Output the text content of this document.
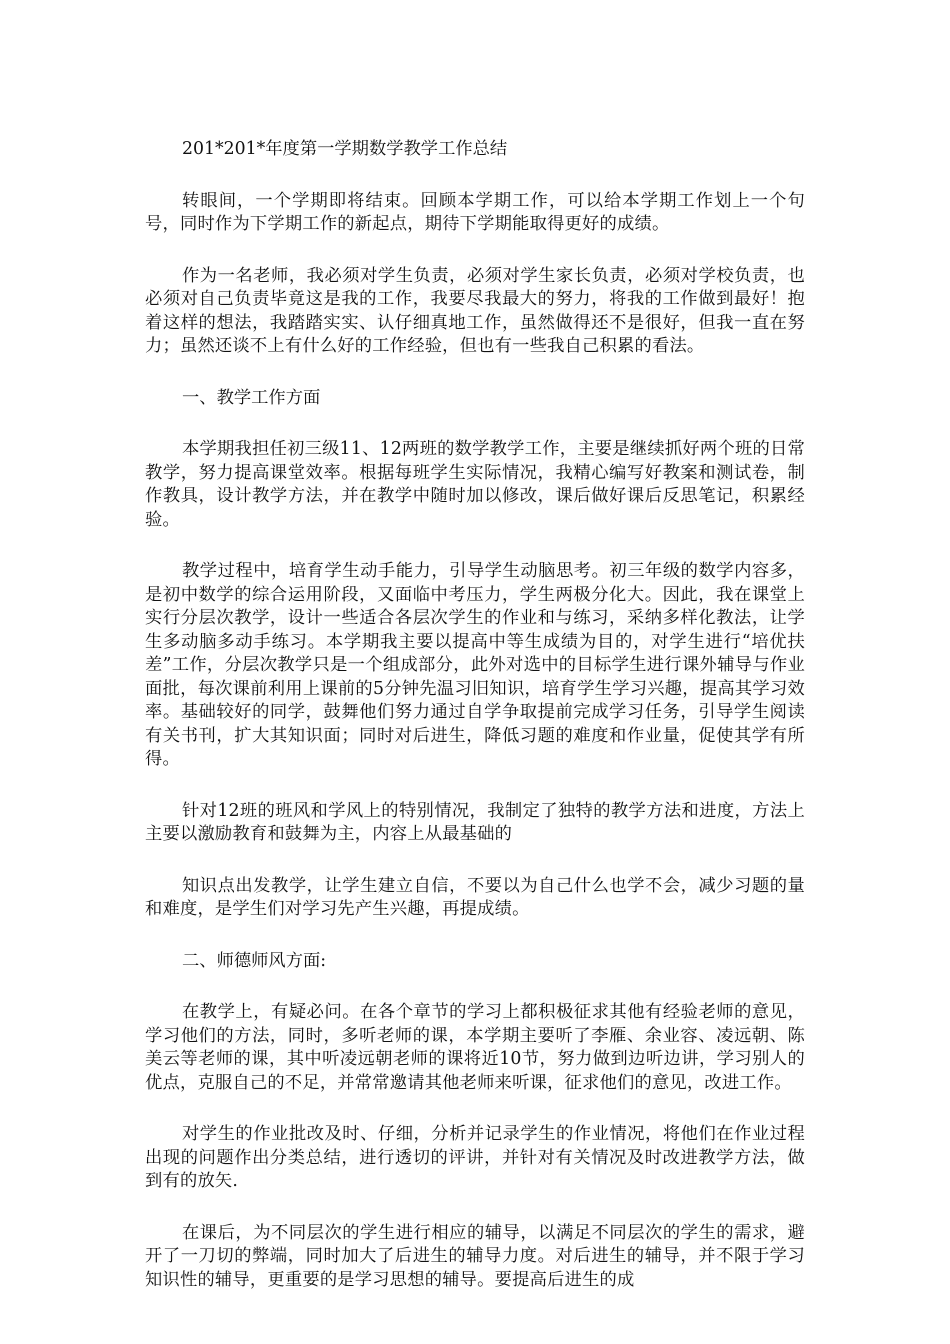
201*201*年度第一学期数学教学工作总结

转眼间，一个学期即将结束。回顾本学期工作，可以给本学期工作划上一个句号，同时作为下学期工作的新起点，期待下学期能取得更好的成绩。

作为一名老师，我必须对学生负责，必须对学生家长负责，必须对学校负责，也必须对自己负责毕竟这是我的工作，我要尽我最大的努力，将我的工作做到最好！抱着这样的想法，我踏踏实实、认仔细真地工作，虽然做得还不是很好，但我一直在努力；虽然还谈不上有什么好的工作经验，但也有一些我自己积累的看法。

一、教学工作方面

本学期我担任初三级11、12两班的数学教学工作，主要是继续抓好两个班的日常教学，努力提高课堂效率。根据每班学生实际情况，我精心编写好教案和测试卷，制作教具，设计教学方法，并在教学中随时加以修改，课后做好课后反思笔记，积累经验。

教学过程中，培育学生动手能力，引导学生动脑思考。初三年级的数学内容多，是初中数学的综合运用阶段，又面临中考压力，学生两极分化大。因此，我在课堂上实行分层次教学，设计一些适合各层次学生的作业和与练习，采纳多样化教法，让学生多动脑多动手练习。本学期我主要以提高中等生成绩为目的，对学生进行“培优扶差”工作，分层次教学只是一个组成部分，此外对选中的目标学生进行课外辅导与作业面批，每次课前利用上课前的5分钟先温习旧知识，培育学生学习兴趣，提高其学习效率。基础较好的同学，鼓舞他们努力通过自学争取提前完成学习任务，引导学生阅读有关书刊，扩大其知识面；同时对后进生，降低习题的难度和作业量，促使其学有所得。

针对12班的班风和学风上的特别情况，我制定了独特的教学方法和进度，方法上主要以激励教育和鼓舞为主，内容上从最基础的

知识点出发教学，让学生建立自信，不要以为自己什么也学不会，减少习题的量和难度，是学生们对学习先产生兴趣，再提成绩。

二、师德师风方面:

在教学上，有疑必问。在各个章节的学习上都积极征求其他有经验老师的意见，学习他们的方法，同时，多听老师的课，本学期主要听了李雁、余业容、凌远朝、陈美云等老师的课，其中听凌远朝老师的课将近10节，努力做到边听边讲，学习别人的优点，克服自己的不足，并常常邀请其他老师来听课，征求他们的意见，改进工作。

对学生的作业批改及时、仔细，分析并记录学生的作业情况，将他们在作业过程出现的问题作出分类总结，进行透切的评讲，并针对有关情况及时改进教学方法，做到有的放矢.

在课后，为不同层次的学生进行相应的辅导，以满足不同层次的学生的需求，避开了一刀切的弊端，同时加大了后进生的辅导力度。对后进生的辅导，并不限于学习知识性的辅导，更重要的是学习思想的辅导。要提高后进生的成
